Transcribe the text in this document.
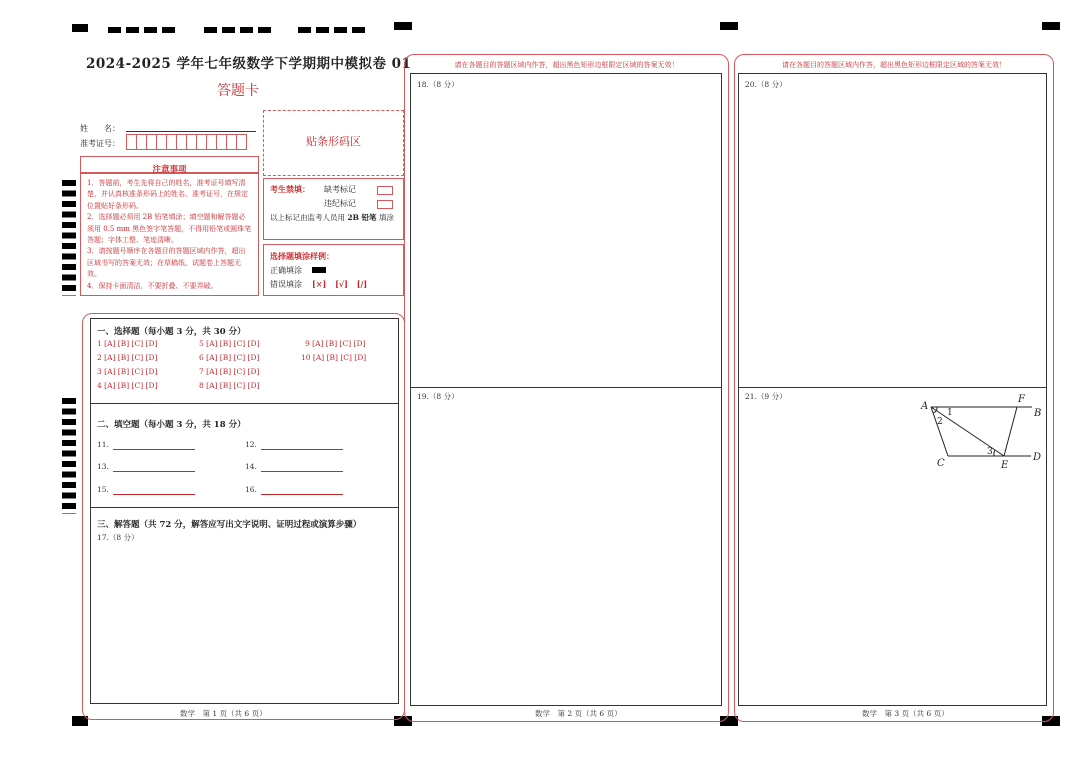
2024-2025 学年七年级数学下学期期中模拟卷 01
答题卡
姓　　名：
准考证号：	贴条形码区
注意事项
1．答题前，考生先将自己的姓名，准考证号填写清楚，并认真核准条形码上的姓名、准考证号，在规定位置贴好条形码。
2．选择题必须用 2B 铅笔填涂；填空题和解答题必须用 0.5 mm 黑色签字笔答题，不得用铅笔或圆珠笔答题；字体工整、笔迹清晰。
3．请按题号顺序在各题目的答题区域内作答，超出区域书写的答案无效；在草稿纸、试题卷上答题无效。
4．保持卡面清洁，不要折叠、不要弄破。
考生禁填： 缺考标记
违纪标记
以上标记由监考人员用 2B 铅笔 填涂
选择题填涂样例：
正确填涂
错误填涂 [×] [√] [/]
一、选择题（每小题 3 分，共 30 分）
1 [A] [B] [C] [D]	5 [A] [B] [C] [D]	9 [A] [B] [C] [D]
2 [A] [B] [C] [D]	6 [A] [B] [C] [D]	10 [A] [B] [C] [D]
3 [A] [B] [C] [D]	7 [A] [B] [C] [D]
4 [A] [B] [C] [D]	8 [A] [B] [C] [D]
二、填空题（每小题 3 分，共 18 分）
11.	12.
13.	14.
15.	16.
三、解答题（共 72 分，解答应写出文字说明、证明过程或演算步骤）
17.（8 分）
数学　第 1 页（共 6 页）
请在各题目的答题区域内作答，超出黑色矩形边框限定区域的答案无效！
18.（8 分）
19.（8 分）
数学　第 2 页（共 6 页）
请在各题目的答题区域内作答，超出黑色矩形边框限定区域的答案无效！
20.（8 分）
21.（9 分）
A
B
C
D
E
F
1
2
3
数学　第 3 页（共 6 页）
